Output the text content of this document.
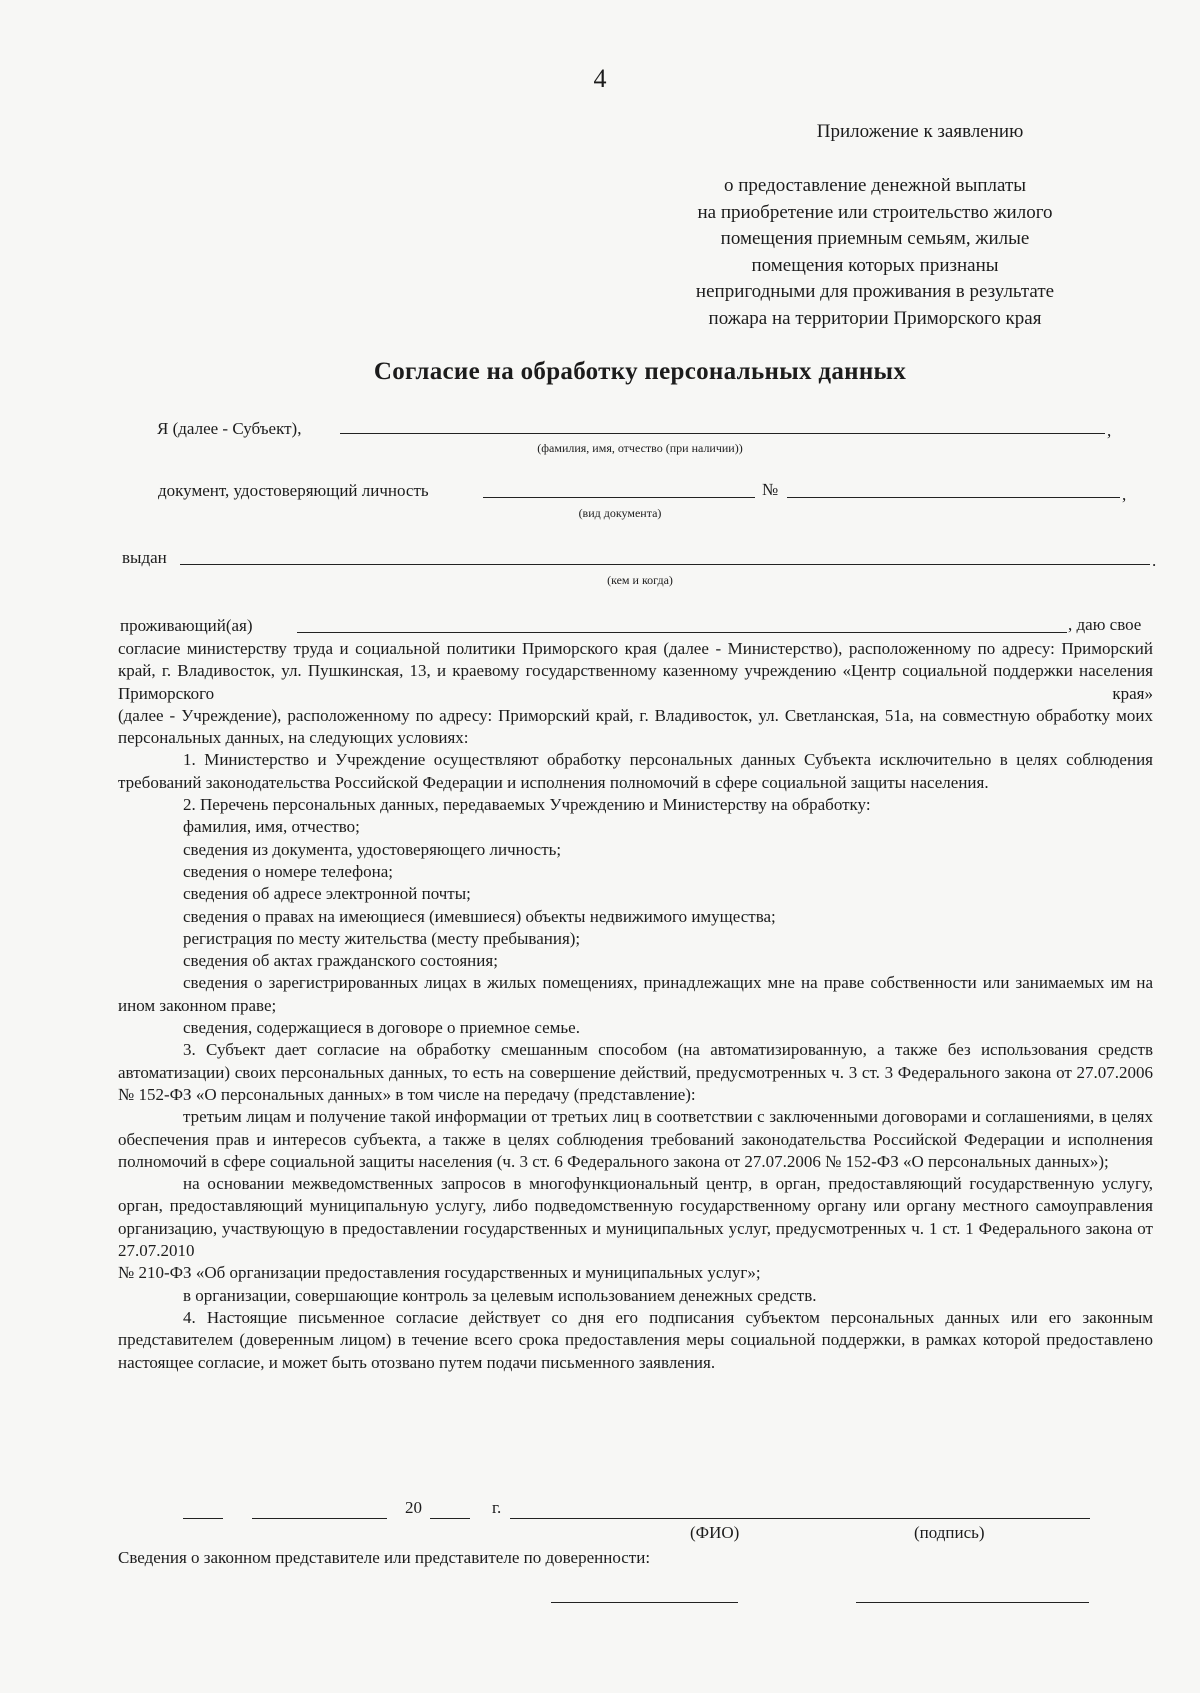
4
Приложение к заявлению
о предоставление денежной выплаты
на приобретение или строительство жилого
помещения приемным семьям, жилые
помещения которых признаны
непригодными для проживания в результате
пожара на территории Приморского края
Согласие на обработку персональных данных
Я (далее - Субъект),	,
(фамилия, имя, отчество (при наличии))
документ, удостоверяющий личность	№	,
(вид документа)
выдан	.
(кем и когда)
проживающий(ая)	, даю свое

согласие министерству труда и социальной политики Приморского края (далее - Министерство), расположенному по адресу: Приморский край, г. Владивосток, ул. Пушкинская, 13, и краевому государственному казенному учреждению «Центр социальной поддержки населения Приморского края»

(далее - Учреждение), расположенному по адресу: Приморский край, г. Владивосток, ул. Светланская, 51а, на совместную обработку моих персональных данных, на следующих условиях:

1. Министерство и Учреждение осуществляют обработку персональных данных Субъекта исключительно в целях соблюдения требований законодательства Российской Федерации и исполнения полномочий в сфере социальной защиты населения.

2. Перечень персональных данных, передаваемых Учреждению и Министерству на обработку:

фамилия, имя, отчество;

сведения из документа, удостоверяющего личность;

сведения о номере телефона;

сведения об адресе электронной почты;

сведения о правах на имеющиеся (имевшиеся) объекты недвижимого имущества;

регистрация по месту жительства (месту пребывания);

сведения об актах гражданского состояния;

сведения о зарегистрированных лицах в жилых помещениях, принадлежащих мне на праве собственности или занимаемых им на ином законном праве;

сведения, содержащиеся в договоре о приемное семье.

3. Субъект дает согласие на обработку смешанным способом (на автоматизированную, а также без использования средств автоматизации) своих персональных данных, то есть на совершение действий, предусмотренных ч. 3 ст. 3 Федерального закона от 27.07.2006 № 152-ФЗ «О персональных данных» в том числе на передачу (представление):

третьим лицам и получение такой информации от третьих лиц в соответствии с заключенными договорами и соглашениями, в целях обеспечения прав и интересов субъекта, а также в целях соблюдения требований законодательства Российской Федерации и исполнения полномочий в сфере социальной защиты населения (ч. 3 ст. 6 Федерального закона от 27.07.2006 № 152-ФЗ «О персональных данных»);

на основании межведомственных запросов в многофункциональный центр, в орган, предоставляющий государственную услугу, орган, предоставляющий муниципальную услугу, либо подведомственную государственному органу или органу местного самоуправления организацию, участвующую в предоставлении государственных и муниципальных услуг, предусмотренных ч. 1 ст. 1 Федерального закона от 27.07.2010

№ 210-ФЗ «Об организации предоставления государственных и муниципальных услуг»;

в организации, совершающие контроль за целевым использованием денежных средств.

4. Настоящие письменное согласие действует со дня его подписания субъектом персональных данных или его законным представителем (доверенным лицом) в течение всего срока предоставления меры социальной поддержки, в рамках которой предоставлено настоящее согласие, и может быть отозвано путем подачи письменного заявления.

20	г.
(ФИО)	(подпись)
Сведения о законном представителе или представителе по доверенности:
